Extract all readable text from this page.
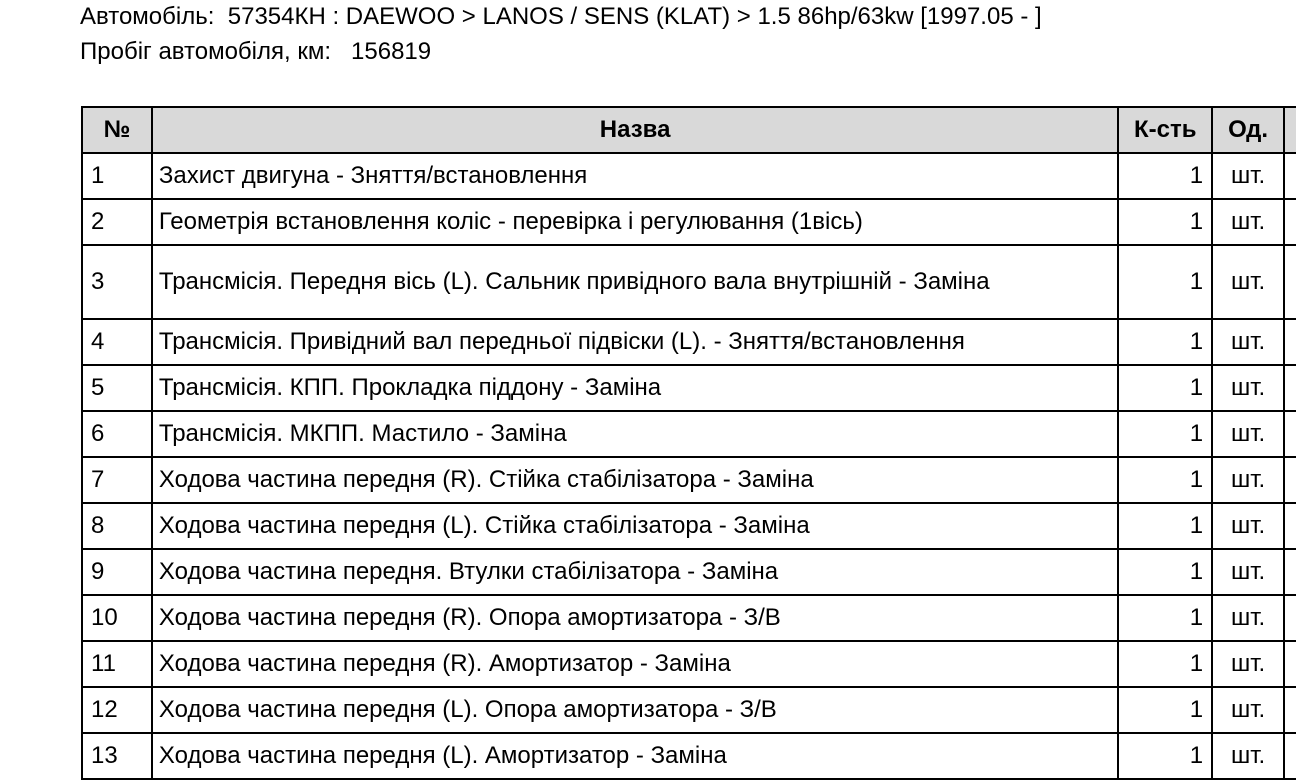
Автомобіль: 57354КН : DAEWOO > LANOS / SENS (KLAT) > 1.5 86hp/63kw [1997.05 - ]
Пробіг автомобіля, км: 156819
№	Назва	К-сть	Од.	
1	Захист двигуна - Зняття/встановлення	1	шт.	
2	Геометрія встановлення коліс - перевірка і регулювання (1вісь)	1	шт.	
3	Трансмісія. Передня вісь (L). Сальник привідного вала внутрішній - Заміна	1	шт.	
4	Трансмісія. Привідний вал передньої підвіски (L). - Зняття/встановлення	1	шт.	
5	Трансмісія. КПП. Прокладка піддону - Заміна	1	шт.	
6	Трансмісія. МКПП. Мастило - Заміна	1	шт.	
7	Ходова частина передня (R). Стійка стабілізатора - Заміна	1	шт.	
8	Ходова частина передня (L). Стійка стабілізатора - Заміна	1	шт.	
9	Ходова частина передня. Втулки стабілізатора - Заміна	1	шт.	
10	Ходова частина передня (R). Опора амортизатора - З/В	1	шт.	
11	Ходова частина передня (R). Амортизатор - Заміна	1	шт.	
12	Ходова частина передня (L). Опора амортизатора - З/В	1	шт.	
13	Ходова частина передня (L). Амортизатор - Заміна	1	шт.	
